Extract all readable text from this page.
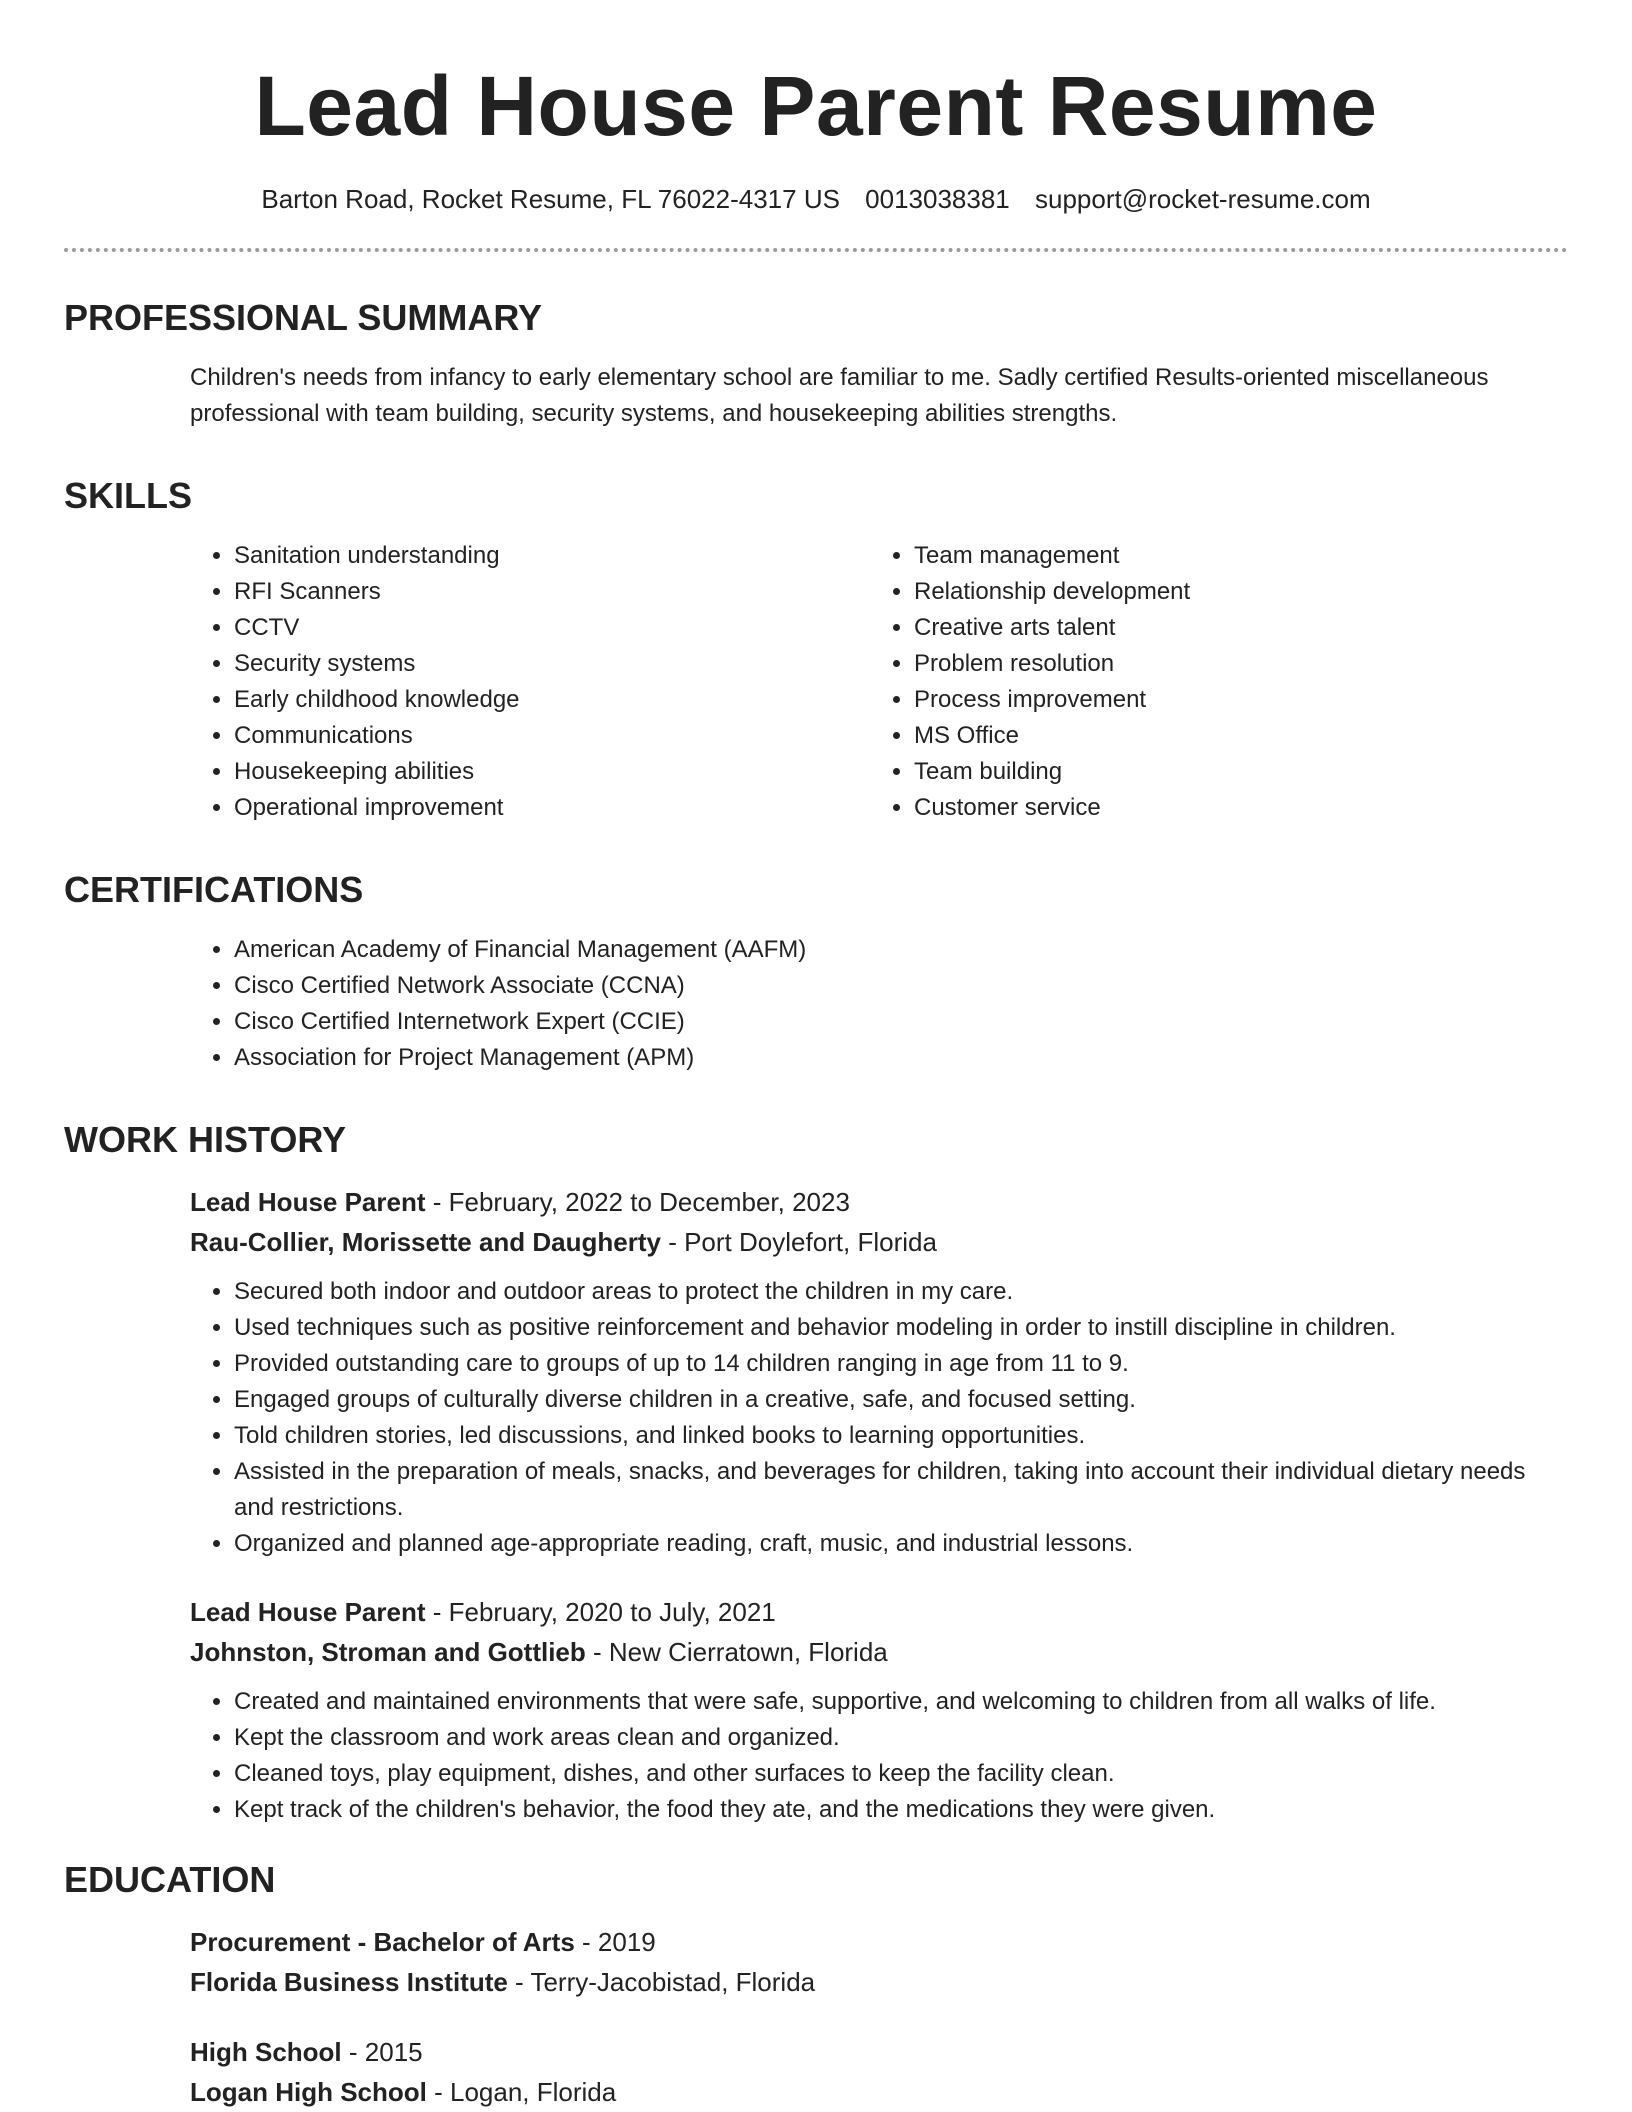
Lead House Parent Resume
Barton Road, Rocket Resume, FL 76022-4317 US 0013038381 support@rocket-resume.com
PROFESSIONAL SUMMARY

Children's needs from infancy to early elementary school are familiar to me. Sadly certified Results-oriented miscellaneous professional with team building, security systems, and housekeeping abilities strengths.

SKILLS
• Sanitation understanding
• RFI Scanners
• CCTV
• Security systems
• Early childhood knowledge
• Communications
• Housekeeping abilities
• Operational improvement
• Team management
• Relationship development
• Creative arts talent
• Problem resolution
• Process improvement
• MS Office
• Team building
• Customer service
CERTIFICATIONS
• American Academy of Financial Management (AAFM)
• Cisco Certified Network Associate (CCNA)
• Cisco Certified Internetwork Expert (CCIE)
• Association for Project Management (APM)
WORK HISTORY
Lead House Parent - February, 2022 to December, 2023
Rau-Collier, Morissette and Daugherty - Port Doylefort, Florida
• Secured both indoor and outdoor areas to protect the children in my care.
• Used techniques such as positive reinforcement and behavior modeling in order to instill discipline in children.
• Provided outstanding care to groups of up to 14 children ranging in age from 11 to 9.
• Engaged groups of culturally diverse children in a creative, safe, and focused setting.
• Told children stories, led discussions, and linked books to learning opportunities.
• Assisted in the preparation of meals, snacks, and beverages for children, taking into account their individual dietary needs and restrictions.
• Organized and planned age-appropriate reading, craft, music, and industrial lessons.
Lead House Parent - February, 2020 to July, 2021
Johnston, Stroman and Gottlieb - New Cierratown, Florida
• Created and maintained environments that were safe, supportive, and welcoming to children from all walks of life.
• Kept the classroom and work areas clean and organized.
• Cleaned toys, play equipment, dishes, and other surfaces to keep the facility clean.
• Kept track of the children's behavior, the food they ate, and the medications they were given.
EDUCATION
Procurement - Bachelor of Arts - 2019
Florida Business Institute - Terry-Jacobistad, Florida
High School - 2015
Logan High School - Logan, Florida
